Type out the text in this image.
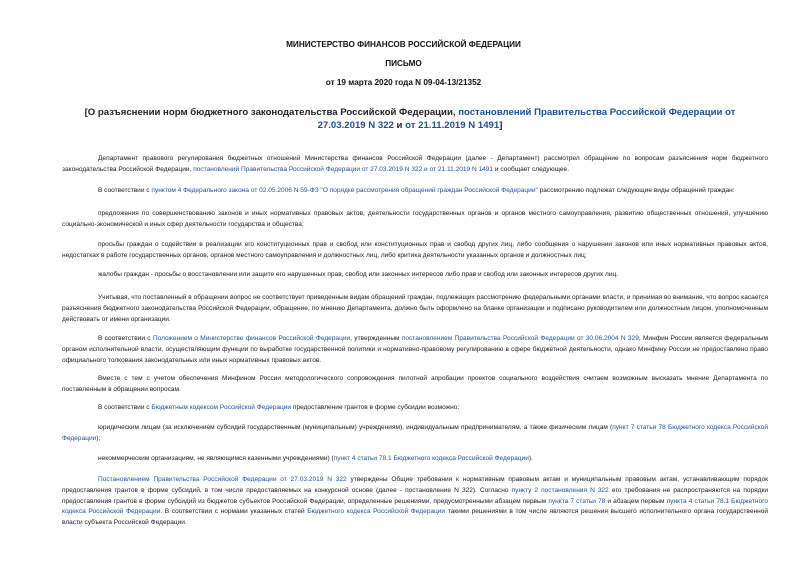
МИНИСТЕРСТВО ФИНАНСОВ РОССИЙСКОЙ ФЕДЕРАЦИИ
ПИСЬМО
от 19 марта 2020 года N 09-04-13/21352
[О разъяснении норм бюджетного законодательства Российской Федерации, постановлений Правительства Российской Федерации от 27.03.2019 N 322 и от 21.11.2019 N 1491]

Департамент правового регулирования бюджетных отношений Министерства финансов Российской Федерации (далее - Департамент) рассмотрел обращение по вопросам разъяснения норм бюджетного законодательства Российской Федерации, постановлений Правительства Российской Федерации от 27.03.2019 N 322 и от 21.11.2019 N 1491 и сообщает следующее.

В соответствии с пунктом 4 Федерального закона от 02.05.2006 N 59-ФЗ "О порядке рассмотрения обращений граждан Российской Федерации" рассмотрению подлежат следующие виды обращений граждан:

предложения по совершенствованию законов и иных нормативных правовых актов, деятельности государственных органов и органов местного самоуправления, развитию общественных отношений, улучшению социально-экономической и иных сфер деятельности государства и общества;

просьбы граждан о содействии в реализации его конституционных прав и свобод или конституционных прав и свобод других лиц, либо сообщения о нарушении законов или иных нормативных правовых актов, недостатках в работе государственных органов, органов местного самоуправления и должностных лиц, либо критика деятельности указанных органов и должностных лиц;

жалобы граждан - просьбы о восстановлении или защите его нарушенных прав, свобод или законных интересов либо прав и свобод или законных интересов других лиц.

Учитывая, что поставленный в обращении вопрос не соответствует приведенным видам обращений граждан, подлежащих рассмотрению федеральными органами власти, и принимая во внимание, что вопрос касается разъяснения бюджетного законодательства Российской Федерации, обращение, по мнению Департамента, должно быть оформлено на бланке организации и подписано руководителем или должностным лицом, уполномоченным действовать от имени организации.

В соответствии с Положением о Министерстве финансов Российской Федерации, утвержденным постановлением Правительства Российской Федерации от 30.06.2004 N 329, Минфин России является федеральным органом исполнительной власти, осуществляющим функции по выработке государственной политики и нормативно-правовому регулированию в сфере бюджетной деятельности, однако Минфину России не предоставлено право официального толкования законодательных или иных нормативных правовых актов.

Вместе с тем с учетом обеспечения Минфином России методологического сопровождения пилотной апробации проектов социального воздействия считаем возможным высказать мнение Департамента по поставленным в обращении вопросам.

В соответствии с Бюджетным кодексом Российской Федерации предоставление грантов в форме субсидии возможно:

юридическим лицам (за исключением субсидий государственным (муниципальным) учреждениям), индивидуальным предпринимателям, а также физическим лицам (пункт 7 статьи 78 Бюджетного кодекса Российской Федерации);

некоммерческим организациям, не являющимся казенными учреждениями) (пункт 4 статьи 78.1 Бюджетного кодекса Российской Федерации).

Постановлением Правительства Российской Федерации от 27.03.2019 N 322 утверждены Общие требования к нормативным правовым актам и муниципальным правовым актам, устанавливающим порядок предоставления грантов в форме субсидий, в том числе предоставляемых на конкурсной основе (далее - постановление N 322). Согласно пункту 2 постановления N 322 его требования не распространяются на порядки предоставления грантов в форме субсидий из бюджетов субъектов Российской Федерации, определенные решениями, предусмотренными абзацем первым пункта 7 статьи 78 и абзацем первым пункта 4 статьи 78.1 Бюджетного кодекса Российской Федерации. В соответствии с нормами указанных статей Бюджетного кодекса Российской Федерации такими решениями в том числе являются решения высшего исполнительного органа государственной власти субъекта Российской Федерации.
